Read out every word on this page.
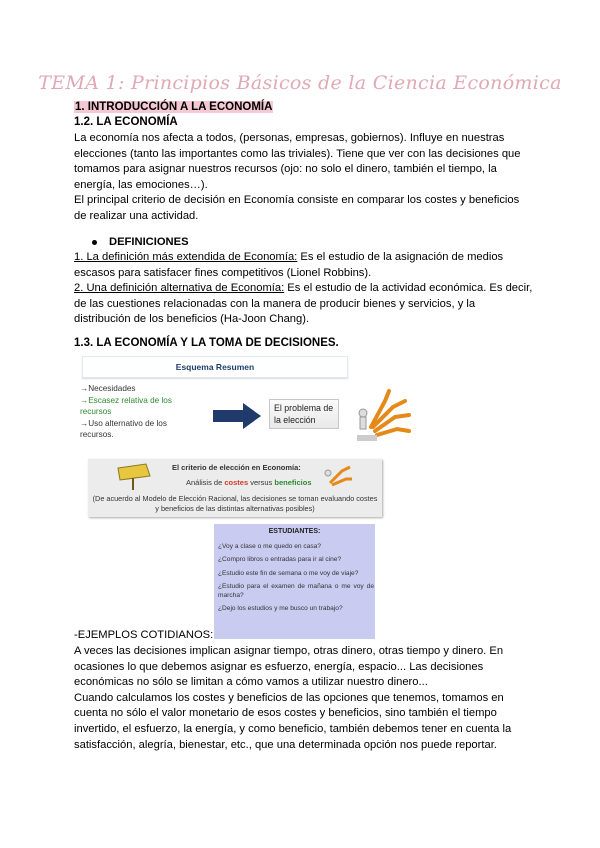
TEMA 1: Principios Básicos de la Ciencia Económica
1. INTRODUCCIÓN A LA ECONOMÍA
1.2. LA ECONOMÍA
La economía nos afecta a todos, (personas, empresas, gobiernos). Influye en nuestras
elecciones (tanto las importantes como las triviales). Tiene que ver con las decisiones que
tomamos para asignar nuestros recursos (ojo: no solo el dinero, también el tiempo, la
energía, las emociones…).
El principal criterio de decisión en Economía consiste en comparar los costes y beneficios
de realizar una actividad.
DEFINICIONES
1. La definición más extendida de Economía: Es el estudio de la asignación de medios
escasos para satisfacer fines competitivos (Lionel Robbins).
2. Una definición alternativa de Economía: Es el estudio de la actividad económica. Es decir,
de las cuestiones relacionadas con la manera de producir bienes y servicios, y la
distribución de los beneficios (Ha-Joon Chang).
1.3. LA ECONOMÍA Y LA TOMA DE DECISIONES.
Esquema Resumen
→Necesidades
→Escasez relativa de los
recursos
→Uso alternativo de los
recursos.
El problema de la elección
El criterio de elección en Economía:
Análisis de costes versus beneficios
(De acuerdo al Modelo de Elección Racional, las decisiones se toman evaluando costes y beneficios de las distintas alternativas posibles)
ESTUDIANTES:
¿Voy a clase o me quedo en casa?
¿Compro libros o entradas para ir al cine?
¿Estudio este fin de semana o me voy de viaje?
¿Estudio para el examen de mañana o me voy de marcha?
¿Dejo los estudios y me busco un trabajo?
-EJEMPLOS COTIDIANOS:
A veces las decisiones implican asignar tiempo, otras dinero, otras tiempo y dinero. En
ocasiones lo que debemos asignar es esfuerzo, energía, espacio... Las decisiones
económicas no sólo se limitan a cómo vamos a utilizar nuestro dinero...
Cuando calculamos los costes y beneficios de las opciones que tenemos, tomamos en
cuenta no sólo el valor monetario de esos costes y beneficios, sino también el tiempo
invertido, el esfuerzo, la energía, y como beneficio, también debemos tener en cuenta la
satisfacción, alegría, bienestar, etc., que una determinada opción nos puede reportar.
